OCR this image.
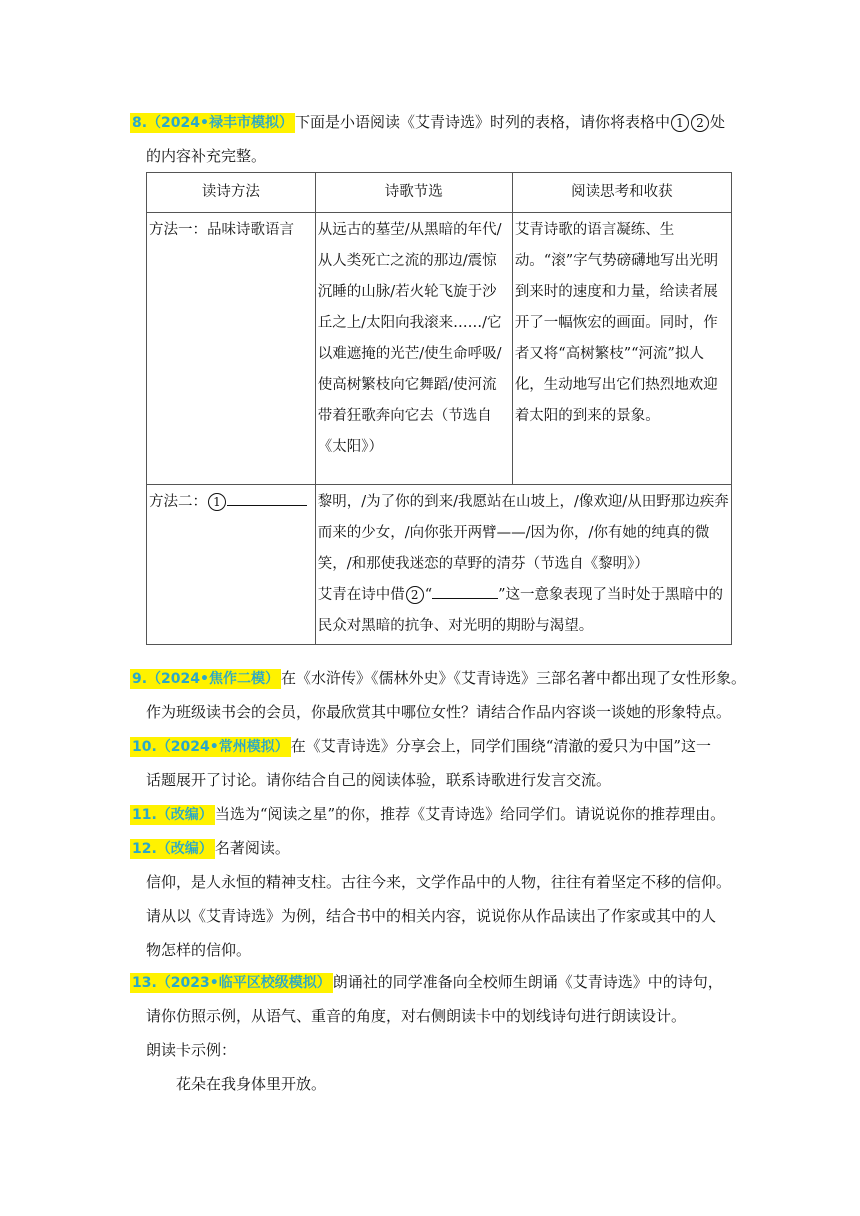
8.（2024•禄丰市模拟） 下面是小语阅读《艾青诗选》时列的表格，请你将表格中 1 2 处
的内容补充完整。
读诗方法	诗歌节选	阅读思考和收获
方法一：品味诗歌语言	从远古的墓茔/从黑暗的年代/从人类死亡之流的那边/震惊沉睡的山脉/若火轮飞旋于沙丘之上/太阳向我滚来……/它以难遮掩的光芒/使生命呼吸/使高树繁枝向它舞蹈/使河流带着狂歌奔向它去（节选自《太阳》）	艾青诗歌的语言凝练、生动。“滚”字气势磅礴地写出光明到来时的速度和力量，给读者展开了一幅恢宏的画面。同时，作者又将“高树繁枝”“河流”拟人化，生动地写出它们热烈地欢迎着太阳的到来的景象。
方法二： 1	黎明，/为了你的到来/我愿站在山坡上，/像欢迎/从田野那边疾奔而来的少女，/向你张开两臂——/因为你，/你有她的纯真的微笑，/和那使我迷恋的草野的清芬（节选自《黎明》）
艾青在诗中借 2 “ ”这一意象表现了当时处于黑暗中的民众对黑暗的抗争、对光明的期盼与渴望。	
9.（2024•焦作二模） 在《水浒传》《儒林外史》《艾青诗选》三部名著中都出现了女性形象。
作为班级读书会的会员，你最欣赏其中哪位女性？请结合作品内容谈一谈她的形象特点。
10.（2024•常州模拟） 在《艾青诗选》分享会上，同学们围绕“清澈的爱只为中国”这一
话题展开了讨论。请你结合自己的阅读体验，联系诗歌进行发言交流。
11.（改编） 当选为“阅读之星”的你，推荐《艾青诗选》给同学们。请说说你的推荐理由。
12.（改编） 名著阅读。
信仰，是人永恒的精神支柱。古往今来，文学作品中的人物，往往有着坚定不移的信仰。
请从以《艾青诗选》为例，结合书中的相关内容，说说你从作品读出了作家或其中的人
物怎样的信仰。
13.（2023•临平区校级模拟） 朗诵社的同学准备向全校师生朗诵《艾青诗选》中的诗句，
请你仿照示例，从语气、重音的角度，对右侧朗读卡中的划线诗句进行朗读设计。
朗读卡示例：
花朵在我身体里开放。
